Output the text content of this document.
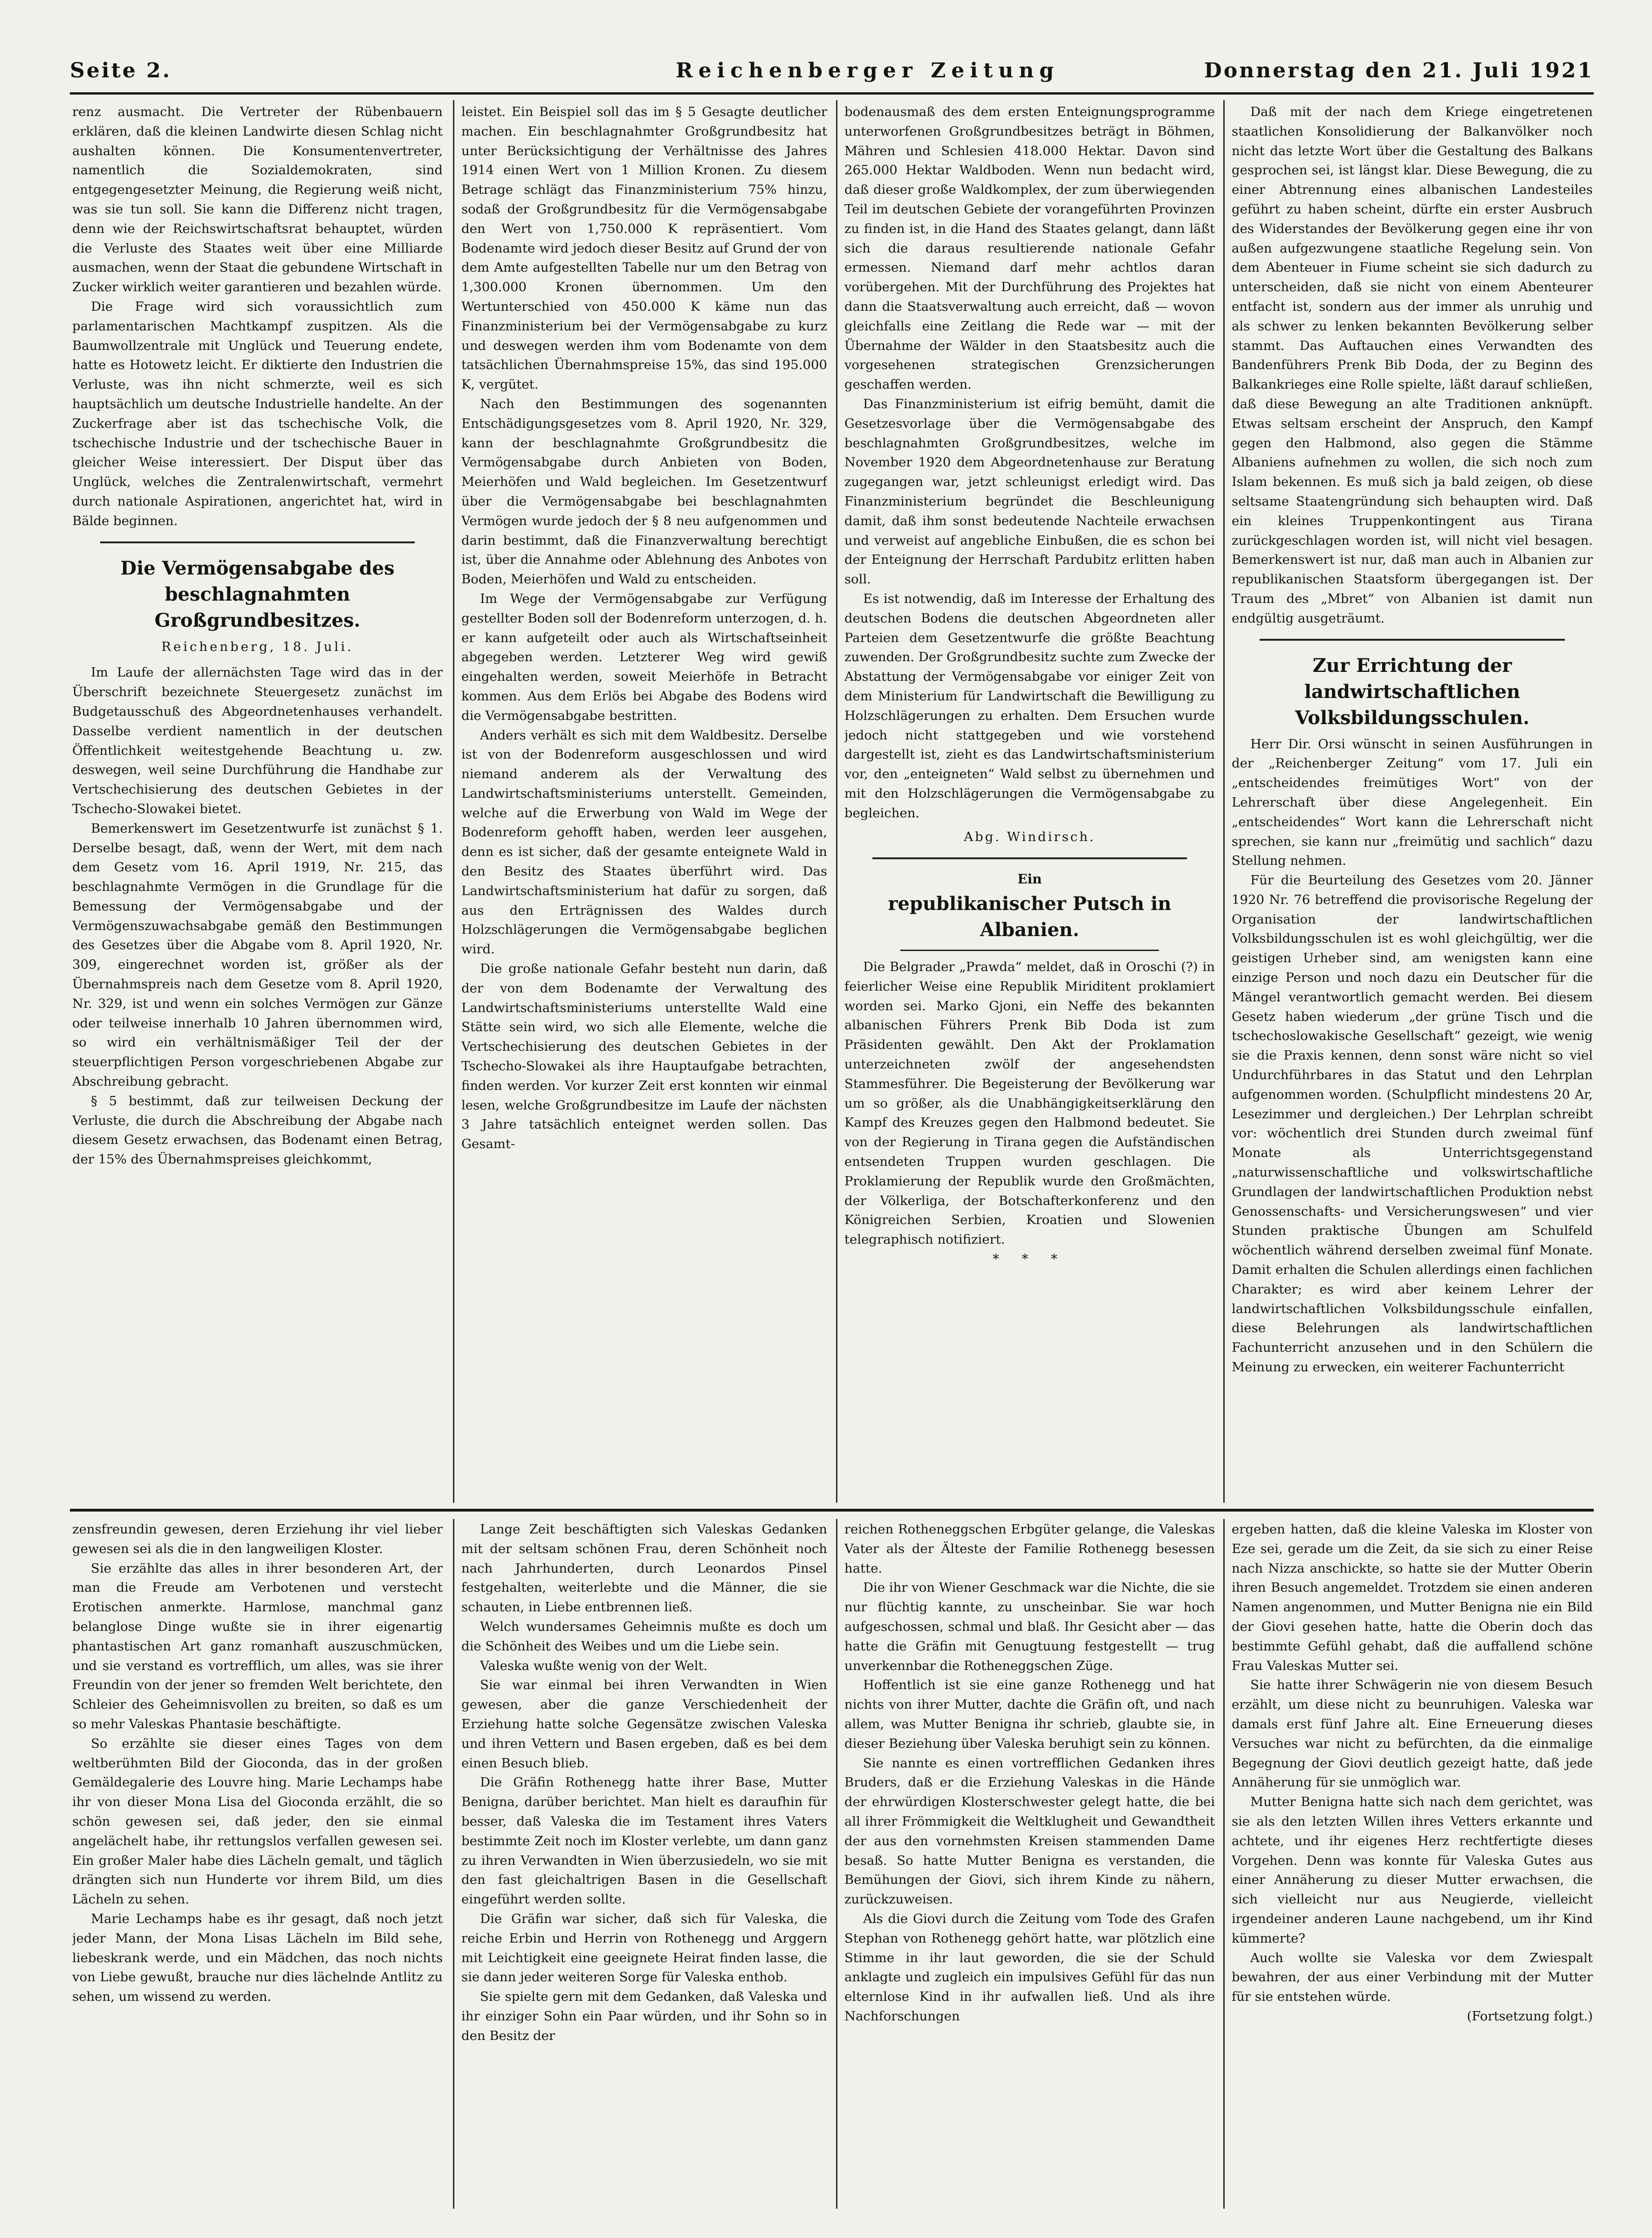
Seite 2.	Reichenberger Zeitung	Donnerstag den 21. Juli 1921

renz ausmacht. Die Vertreter der Rübenbauern erklären, daß die kleinen Landwirte diesen Schlag nicht aushalten können. Die Konsumentenvertreter, namentlich die Sozialdemokraten, sind entgegengesetzter Meinung, die Regierung weiß nicht, was sie tun soll. Sie kann die Differenz nicht tragen, denn wie der Reichswirtschaftsrat behauptet, würden die Verluste des Staates weit über eine Milliarde ausmachen, wenn der Staat die gebundene Wirtschaft in Zucker wirklich weiter garantieren und bezahlen würde.

Die Frage wird sich voraussichtlich zum parlamentarischen Machtkampf zuspitzen. Als die Baumwollzentrale mit Unglück und Teuerung endete, hatte es Hotowetz leicht. Er diktierte den Industrien die Verluste, was ihn nicht schmerzte, weil es sich hauptsächlich um deutsche Industrielle handelte. An der Zuckerfrage aber ist das tschechische Volk, die tschechische Industrie und der tschechische Bauer in gleicher Weise interessiert. Der Disput über das Unglück, welches die Zentralenwirtschaft, vermehrt durch nationale Aspirationen, angerichtet hat, wird in Bälde beginnen.

Die Vermögensabgabe des beschlagnahmten Großgrundbesitzes.
Reichenberg, 18. Juli.

Im Laufe der allernächsten Tage wird das in der Überschrift bezeichnete Steuergesetz zunächst im Budgetausschuß des Abgeordnetenhauses verhandelt. Dasselbe verdient namentlich in der deutschen Öffentlichkeit weitestgehende Beachtung u. zw. deswegen, weil seine Durchführung die Handhabe zur Vertschechisierung des deutschen Gebietes in der Tschecho-Slowakei bietet.

Bemerkenswert im Gesetzentwurfe ist zunächst § 1. Derselbe besagt, daß, wenn der Wert, mit dem nach dem Gesetz vom 16. April 1919, Nr. 215, das beschlagnahmte Vermögen in die Grundlage für die Bemessung der Vermögensabgabe und der Vermögenszuwachsabgabe gemäß den Bestimmungen des Gesetzes über die Abgabe vom 8. April 1920, Nr. 309, eingerechnet worden ist, größer als der Übernahmspreis nach dem Gesetze vom 8. April 1920, Nr. 329, ist und wenn ein solches Vermögen zur Gänze oder teilweise innerhalb 10 Jahren übernommen wird, so wird ein verhältnismäßiger Teil der der steuerpflichtigen Person vorgeschriebenen Abgabe zur Abschreibung gebracht.

§ 5 bestimmt, daß zur teilweisen Deckung der Verluste, die durch die Abschreibung der Abgabe nach diesem Gesetz erwachsen, das Bodenamt einen Betrag, der 15% des Übernahmspreises gleichkommt,

leistet. Ein Beispiel soll das im § 5 Gesagte deutlicher machen. Ein beschlagnahmter Großgrundbesitz hat unter Berücksichtigung der Verhältnisse des Jahres 1914 einen Wert von 1 Million Kronen. Zu diesem Betrage schlägt das Finanzministerium 75% hinzu, sodaß der Großgrundbesitz für die Vermögensabgabe den Wert von 1,750.000 K repräsentiert. Vom Bodenamte wird jedoch dieser Besitz auf Grund der von dem Amte aufgestellten Tabelle nur um den Betrag von 1,300.000 Kronen übernommen. Um den Wertunterschied von 450.000 K käme nun das Finanzministerium bei der Vermögensabgabe zu kurz und deswegen werden ihm vom Bodenamte von dem tatsächlichen Übernahmspreise 15%, das sind 195.000 K, vergütet.

Nach den Bestimmungen des sogenannten Entschädigungsgesetzes vom 8. April 1920, Nr. 329, kann der beschlagnahmte Großgrundbesitz die Vermögensabgabe durch Anbieten von Boden, Meierhöfen und Wald begleichen. Im Gesetzentwurf über die Vermögensabgabe bei beschlagnahmten Vermögen wurde jedoch der § 8 neu aufgenommen und darin bestimmt, daß die Finanzverwaltung berechtigt ist, über die Annahme oder Ablehnung des Anbotes von Boden, Meierhöfen und Wald zu entscheiden.

Im Wege der Vermögensabgabe zur Verfügung gestellter Boden soll der Bodenreform unterzogen, d. h. er kann aufgeteilt oder auch als Wirtschaftseinheit abgegeben werden. Letzterer Weg wird gewiß eingehalten werden, soweit Meierhöfe in Betracht kommen. Aus dem Erlös bei Abgabe des Bodens wird die Vermögensabgabe bestritten.

Anders verhält es sich mit dem Waldbesitz. Derselbe ist von der Bodenreform ausgeschlossen und wird niemand anderem als der Verwaltung des Landwirtschaftsministeriums unterstellt. Gemeinden, welche auf die Erwerbung von Wald im Wege der Bodenreform gehofft haben, werden leer ausgehen, denn es ist sicher, daß der gesamte enteignete Wald in den Besitz des Staates überführt wird. Das Landwirtschaftsministerium hat dafür zu sorgen, daß aus den Erträgnissen des Waldes durch Holzschlägerungen die Vermögensabgabe beglichen wird.

Die große nationale Gefahr besteht nun darin, daß der von dem Bodenamte der Verwaltung des Landwirtschaftsministeriums unterstellte Wald eine Stätte sein wird, wo sich alle Elemente, welche die Vertschechisierung des deutschen Gebietes in der Tschecho-Slowakei als ihre Hauptaufgabe betrachten, finden werden. Vor kurzer Zeit erst konnten wir einmal lesen, welche Großgrundbesitze im Laufe der nächsten 3 Jahre tatsächlich enteignet werden sollen. Das Gesamt-

bodenausmaß des dem ersten Enteignungsprogramme unterworfenen Großgrundbesitzes beträgt in Böhmen, Mähren und Schlesien 418.000 Hektar. Davon sind 265.000 Hektar Waldboden. Wenn nun bedacht wird, daß dieser große Waldkomplex, der zum überwiegenden Teil im deutschen Gebiete der vorangeführten Provinzen zu finden ist, in die Hand des Staates gelangt, dann läßt sich die daraus resultierende nationale Gefahr ermessen. Niemand darf mehr achtlos daran vorübergehen. Mit der Durchführung des Projektes hat dann die Staatsverwaltung auch erreicht, daß — wovon gleichfalls eine Zeitlang die Rede war — mit der Übernahme der Wälder in den Staatsbesitz auch die vorgesehenen strategischen Grenzsicherungen geschaffen werden.

Das Finanzministerium ist eifrig bemüht, damit die Gesetzesvorlage über die Vermögensabgabe des beschlagnahmten Großgrundbesitzes, welche im November 1920 dem Abgeordnetenhause zur Beratung zugegangen war, jetzt schleunigst erledigt wird. Das Finanzministerium begründet die Beschleunigung damit, daß ihm sonst bedeutende Nachteile erwachsen und verweist auf angebliche Einbußen, die es schon bei der Enteignung der Herrschaft Pardubitz erlitten haben soll.

Es ist notwendig, daß im Interesse der Erhaltung des deutschen Bodens die deutschen Abgeordneten aller Parteien dem Gesetzentwurfe die größte Beachtung zuwenden. Der Großgrundbesitz suchte zum Zwecke der Abstattung der Vermögensabgabe vor einiger Zeit von dem Ministerium für Landwirtschaft die Bewilligung zu Holzschlägerungen zu erhalten. Dem Ersuchen wurde jedoch nicht stattgegeben und wie vorstehend dargestellt ist, zieht es das Landwirtschaftsministerium vor, den „enteigneten“ Wald selbst zu übernehmen und mit den Holzschlägerungen die Vermögensabgabe zu begleichen.

Abg. Windirsch.
Ein
republikanischer Putsch in Albanien.

Die Belgrader „Prawda“ meldet, daß in Oroschi (?) in feierlicher Weise eine Republik Miriditent proklamiert worden sei. Marko Gjoni, ein Neffe des bekannten albanischen Führers Prenk Bib Doda ist zum Präsidenten gewählt. Den Akt der Proklamation unterzeichneten zwölf der angesehendsten Stammesführer. Die Begeisterung der Bevölkerung war um so größer, als die Unabhängigkeitserklärung den Kampf des Kreuzes gegen den Halbmond bedeutet. Sie von der Regierung in Tirana gegen die Aufständischen entsendeten Truppen wurden geschlagen. Die Proklamierung der Republik wurde den Großmächten, der Völkerliga, der Botschafterkonferenz und den Königreichen Serbien, Kroatien und Slowenien telegraphisch notifiziert.

* * *

Daß mit der nach dem Kriege eingetretenen staatlichen Konsolidierung der Balkanvölker noch nicht das letzte Wort über die Gestaltung des Balkans gesprochen sei, ist längst klar. Diese Bewegung, die zu einer Abtrennung eines albanischen Landesteiles geführt zu haben scheint, dürfte ein erster Ausbruch des Widerstandes der Bevölkerung gegen eine ihr von außen aufgezwungene staatliche Regelung sein. Von dem Abenteuer in Fiume scheint sie sich dadurch zu unterscheiden, daß sie nicht von einem Abenteurer entfacht ist, sondern aus der immer als unruhig und als schwer zu lenken bekannten Bevölkerung selber stammt. Das Auftauchen eines Verwandten des Bandenführers Prenk Bib Doda, der zu Beginn des Balkankrieges eine Rolle spielte, läßt darauf schließen, daß diese Bewegung an alte Traditionen anknüpft. Etwas seltsam erscheint der Anspruch, den Kampf gegen den Halbmond, also gegen die Stämme Albaniens aufnehmen zu wollen, die sich noch zum Islam bekennen. Es muß sich ja bald zeigen, ob diese seltsame Staatengründung sich behaupten wird. Daß ein kleines Truppenkontingent aus Tirana zurückgeschlagen worden ist, will nicht viel besagen. Bemerkenswert ist nur, daß man auch in Albanien zur republikanischen Staatsform übergegangen ist. Der Traum des „Mbret“ von Albanien ist damit nun endgültig ausgeträumt.

Zur Errichtung der landwirtschaftlichen Volksbildungsschulen.

Herr Dir. Orsi wünscht in seinen Ausführungen in der „Reichenberger Zeitung“ vom 17. Juli ein „entscheidendes freimütiges Wort“ von der Lehrerschaft über diese Angelegenheit. Ein „entscheidendes“ Wort kann die Lehrerschaft nicht sprechen, sie kann nur „freimütig und sachlich“ dazu Stellung nehmen.

Für die Beurteilung des Gesetzes vom 20. Jänner 1920 Nr. 76 betreffend die provisorische Regelung der Organisation der landwirtschaftlichen Volksbildungsschulen ist es wohl gleichgültig, wer die geistigen Urheber sind, am wenigsten kann eine einzige Person und noch dazu ein Deutscher für die Mängel verantwortlich gemacht werden. Bei diesem Gesetz haben wiederum „der grüne Tisch und die tschechoslowakische Gesellschaft“ gezeigt, wie wenig sie die Praxis kennen, denn sonst wäre nicht so viel Undurchführbares in das Statut und den Lehrplan aufgenommen worden. (Schulpflicht mindestens 20 Ar, Lesezimmer und dergleichen.) Der Lehrplan schreibt vor: wöchentlich drei Stunden durch zweimal fünf Monate als Unterrichtsgegenstand „naturwissenschaftliche und volkswirtschaftliche Grundlagen der landwirtschaftlichen Produktion nebst Genossenschafts- und Versicherungswesen“ und vier Stunden praktische Übungen am Schulfeld wöchentlich während derselben zweimal fünf Monate. Damit erhalten die Schulen allerdings einen fachlichen Charakter; es wird aber keinem Lehrer der landwirtschaftlichen Volksbildungsschule einfallen, diese Belehrungen als landwirtschaftlichen Fachunterricht anzusehen und in den Schülern die Meinung zu erwecken, ein weiterer Fachunterricht

zensfreundin gewesen, deren Erziehung ihr viel lieber gewesen sei als die in den langweiligen Kloster.

Sie erzählte das alles in ihrer besonderen Art, der man die Freude am Verbotenen und verstecht Erotischen anmerkte. Harmlose, manchmal ganz belanglose Dinge wußte sie in ihrer eigenartig phantastischen Art ganz romanhaft auszuschmücken, und sie verstand es vortrefflich, um alles, was sie ihrer Freundin von der jener so fremden Welt berichtete, den Schleier des Geheimnisvollen zu breiten, so daß es um so mehr Valeskas Phantasie beschäftigte.

So erzählte sie dieser eines Tages von dem weltberühmten Bild der Gioconda, das in der großen Gemäldegalerie des Louvre hing. Marie Lechamps habe ihr von dieser Mona Lisa del Gioconda erzählt, die so schön gewesen sei, daß jeder, den sie einmal angelächelt habe, ihr rettungslos verfallen gewesen sei. Ein großer Maler habe dies Lächeln gemalt, und täglich drängten sich nun Hunderte vor ihrem Bild, um dies Lächeln zu sehen.

Marie Lechamps habe es ihr gesagt, daß noch jetzt jeder Mann, der Mona Lisas Lächeln im Bild sehe, liebeskrank werde, und ein Mädchen, das noch nichts von Liebe gewußt, brauche nur dies lächelnde Antlitz zu sehen, um wissend zu werden.

Lange Zeit beschäftigten sich Valeskas Gedanken mit der seltsam schönen Frau, deren Schönheit noch nach Jahrhunderten, durch Leonardos Pinsel festgehalten, weiterlebte und die Männer, die sie schauten, in Liebe entbrennen ließ.

Welch wundersames Geheimnis mußte es doch um die Schönheit des Weibes und um die Liebe sein.

Valeska wußte wenig von der Welt.

Sie war einmal bei ihren Verwandten in Wien gewesen, aber die ganze Verschiedenheit der Erziehung hatte solche Gegensätze zwischen Valeska und ihren Vettern und Basen ergeben, daß es bei dem einen Besuch blieb.

Die Gräfin Rothenegg hatte ihrer Base, Mutter Benigna, darüber berichtet. Man hielt es daraufhin für besser, daß Valeska die im Testament ihres Vaters bestimmte Zeit noch im Kloster verlebte, um dann ganz zu ihren Verwandten in Wien überzusiedeln, wo sie mit den fast gleichaltrigen Basen in die Gesellschaft eingeführt werden sollte.

Die Gräfin war sicher, daß sich für Valeska, die reiche Erbin und Herrin von Rothenegg und Arggern mit Leichtigkeit eine geeignete Heirat finden lasse, die sie dann jeder weiteren Sorge für Valeska enthob.

Sie spielte gern mit dem Gedanken, daß Valeska und ihr einziger Sohn ein Paar würden, und ihr Sohn so in den Besitz der

reichen Rotheneggschen Erbgüter gelange, die Valeskas Vater als der Älteste der Familie Rothenegg besessen hatte.

Die ihr von Wiener Geschmack war die Nichte, die sie nur flüchtig kannte, zu unscheinbar. Sie war hoch aufgeschossen, schmal und blaß. Ihr Gesicht aber — das hatte die Gräfin mit Genugtuung festgestellt — trug unverkennbar die Rotheneggschen Züge.

Hoffentlich ist sie eine ganze Rothenegg und hat nichts von ihrer Mutter, dachte die Gräfin oft, und nach allem, was Mutter Benigna ihr schrieb, glaubte sie, in dieser Beziehung über Valeska beruhigt sein zu können.

Sie nannte es einen vortrefflichen Gedanken ihres Bruders, daß er die Erziehung Valeskas in die Hände der ehrwürdigen Klosterschwester gelegt hatte, die bei all ihrer Frömmigkeit die Weltklugheit und Gewandtheit der aus den vornehmsten Kreisen stammenden Dame besaß. So hatte Mutter Benigna es verstanden, die Bemühungen der Giovi, sich ihrem Kinde zu nähern, zurückzuweisen.

Als die Giovi durch die Zeitung vom Tode des Grafen Stephan von Rothenegg gehört hatte, war plötzlich eine Stimme in ihr laut geworden, die sie der Schuld anklagte und zugleich ein impulsives Gefühl für das nun elternlose Kind in ihr aufwallen ließ. Und als ihre Nachforschungen

ergeben hatten, daß die kleine Valeska im Kloster von Eze sei, gerade um die Zeit, da sie sich zu einer Reise nach Nizza anschickte, so hatte sie der Mutter Oberin ihren Besuch angemeldet. Trotzdem sie einen anderen Namen angenommen, und Mutter Benigna nie ein Bild der Giovi gesehen hatte, hatte die Oberin doch das bestimmte Gefühl gehabt, daß die auffallend schöne Frau Valeskas Mutter sei.

Sie hatte ihrer Schwägerin nie von diesem Besuch erzählt, um diese nicht zu beunruhigen. Valeska war damals erst fünf Jahre alt. Eine Erneuerung dieses Versuches war nicht zu befürchten, da die einmalige Begegnung der Giovi deutlich gezeigt hatte, daß jede Annäherung für sie unmöglich war.

Mutter Benigna hatte sich nach dem gerichtet, was sie als den letzten Willen ihres Vetters erkannte und achtete, und ihr eigenes Herz rechtfertigte dieses Vorgehen. Denn was konnte für Valeska Gutes aus einer Annäherung zu dieser Mutter erwachsen, die sich vielleicht nur aus Neugierde, vielleicht irgendeiner anderen Laune nachgebend, um ihr Kind kümmerte?

Auch wollte sie Valeska vor dem Zwiespalt bewahren, der aus einer Verbindung mit der Mutter für sie entstehen würde.

(Fortsetzung folgt.)
